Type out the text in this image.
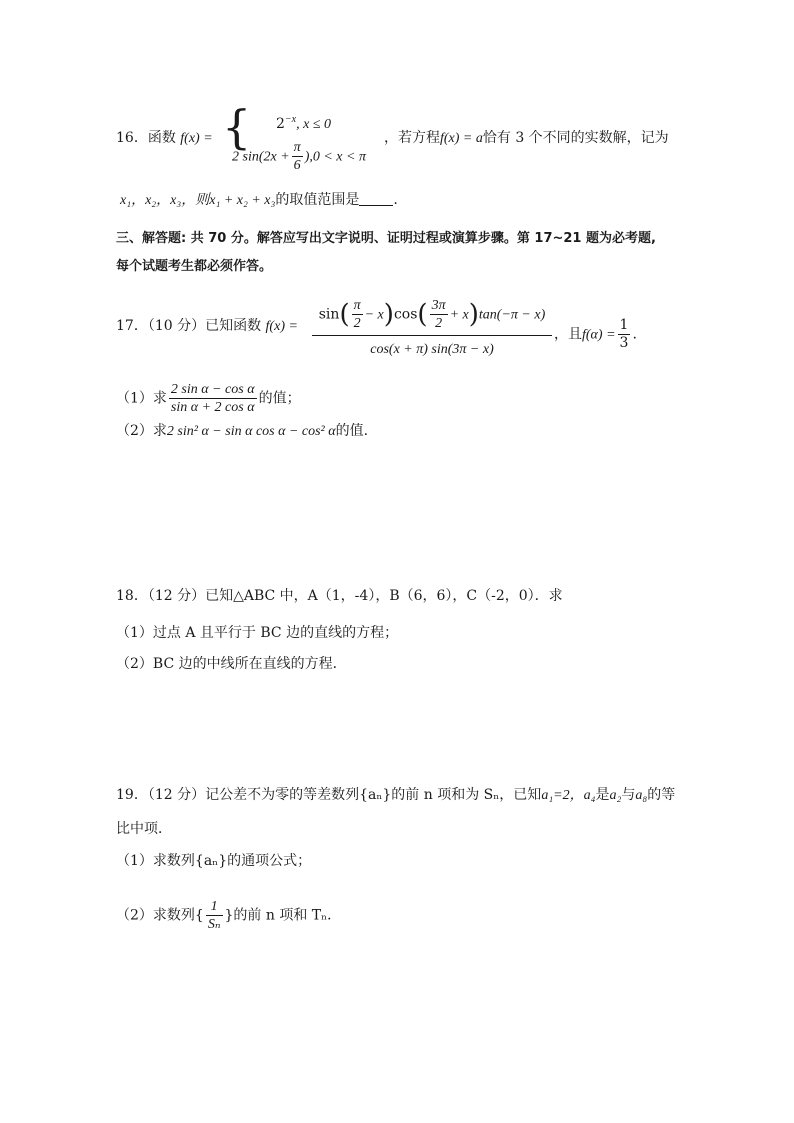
16．函数 f(x) = { $2^{-x}$, x ≤ 0
2 $\sin(2x + \frac{\pi}{6} ),0 < x < \pi$
，若方程f(x) = a恰有 3 个不同的实数解，记为
x₁，x₂，x₃，则x₁ + x₂ + x₃的取值范围是 .
三、解答题: 共 70 分。解答应写出文字说明、证明过程或演算步骤。第 17~21 题为必考题,
每个试题考生都必须作答。
17．（10 分）已知函数 f(x) =
$\sin( \frac{\pi}{2} - x)\cos( \frac{3\pi}{2} + x)\tan(-\pi - x)$
cos(x + π) sin(3π − x)
，且$f(\alpha) = \frac{1}{3}$ .
（1）求 $\frac{\text{2 sin α − cos α}}{\text{sin α + 2 cos α}}$ 的值；
（2）求2 sin² α − sin α cos α − cos² α的值.
18．（12 分）已知△ABC 中，A（1，-4），B（6，6），C（-2，0）．求
（1）过点 A 且平行于 BC 边的直线的方程；
（2）BC 边的中线所在直线的方程．
19．（12 分）记公差不为零的等差数列{aₙ}的前 n 项和为 Sₙ，已知a₁=2，a₄是a₂与a₈的等
比中项．
（1）求数列{aₙ}的通项公式；
（2）求数列{ $\frac{1}{\text{Sₙ}}$ }的前 n 项和 Tₙ．
